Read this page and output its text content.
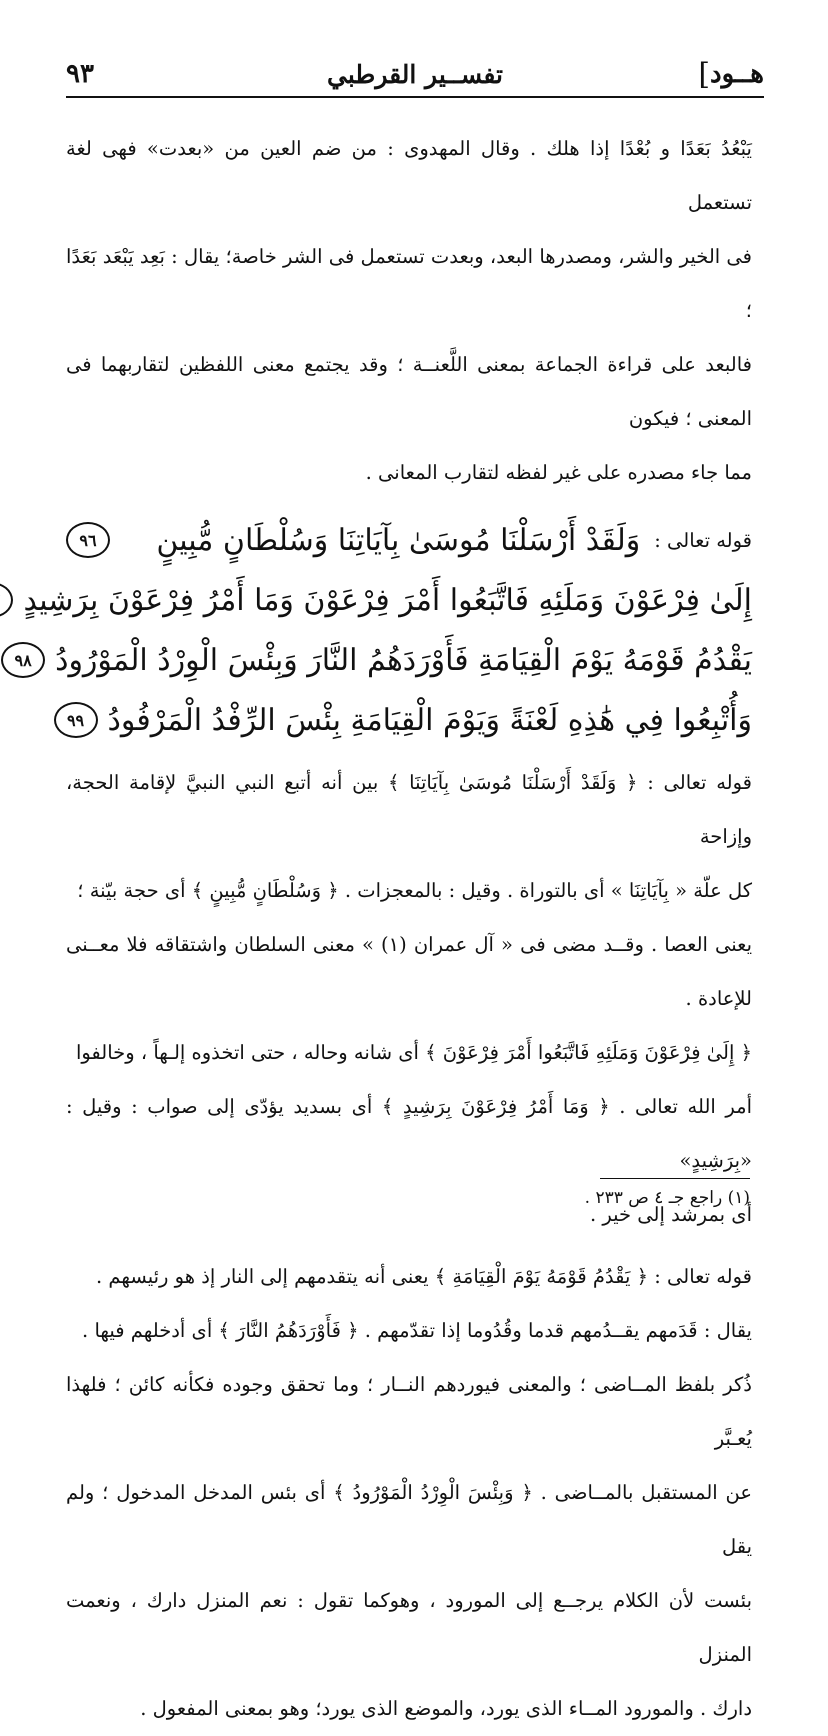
هــود
]
تفســير القرطبي
٩٣

يَبْعُدُ بَعَدًا و بُعْدًا إذا هلك . وقال المهدوى : من ضم العين من «بعدت» فهى لغة تستعمل

فى الخير والشر، ومصدرها البعد، وبعدت تستعمل فى الشر خاصة؛ يقال : بَعِد يَبْعَد بَعَدًا ؛

فالبعد على قراءة الجماعة بمعنى اللَّعنــة ؛ وقد يجتمع معنى اللفظين لتقاربهما فى المعنى ؛ فيكون

مما جاء مصدره على غير لفظه لتقارب المعانى .

قوله تعالى :
وَلَقَدْ أَرْسَلْنَا مُوسَىٰ بِآيَاتِنَا وَسُلْطَانٍ مُّبِينٍ
٩٦
إِلَىٰ فِرْعَوْنَ وَمَلَئِهِ فَاتَّبَعُوا أَمْرَ فِرْعَوْنَ وَمَا أَمْرُ فِرْعَوْنَ بِرَشِيدٍ
يَقْدُمُ قَوْمَهُ يَوْمَ الْقِيَامَةِ فَأَوْرَدَهُمُ النَّارَ وَبِئْسَ الْوِرْدُ الْمَوْرُودُ
٩٨
وَأُتْبِعُوا فِي هَٰذِهِ لَعْنَةً وَيَوْمَ الْقِيَامَةِ بِئْسَ الرِّفْدُ الْمَرْفُودُ
٩٩

قوله تعالى : ﴿ وَلَقَدْ أَرْسَلْنَا مُوسَىٰ بِآيَاتِنَا ﴾ بين أنه أتبع النبي النبيَّ لإقامة الحجة، وإزاحة

كل علّة « بِآيَاتِنَا » أى بالتوراة . وقيل : بالمعجزات . ﴿ وَسُلْطَانٍ مُّبِينٍ ﴾ أى حجة بيّنة ؛

يعنى العصا . وقــد مضى فى « آل عمران (١) » معنى السلطان واشتقاقه فلا معــنى للإعادة .

﴿ إِلَىٰ فِرْعَوْنَ وَمَلَئِهِ فَاتَّبَعُوا أَمْرَ فِرْعَوْنَ ﴾ أى شانه وحاله ، حتى اتخذوه إلـهاً ، وخالفوا

أمر الله تعالى . ﴿ وَمَا أَمْرُ فِرْعَوْنَ بِرَشِيدٍ ﴾ أى بسديد يؤدّى إلى صواب : وقيل : «بِرَشِيدٍ»

أى بمرشد إلى خير .

قوله تعالى : ﴿ يَقْدُمُ قَوْمَهُ يَوْمَ الْقِيَامَةِ ﴾ يعنى أنه يتقدمهم إلى النار إذ هو رئيسهم .

يقال : قَدَمهم يقــدُمهم قدما وقُدُوما إذا تقدّمهم . ﴿ فَأَوْرَدَهُمُ النَّارَ ﴾ أى أدخلهم فيها .

ذُكر بلفظ المــاضى ؛ والمعنى فيوردهم النــار ؛ وما تحقق وجوده فكأنه كائن ؛ فلهذا يُعـبَّر

عن المستقبل بالمــاضى . ﴿ وَبِئْسَ الْوِرْدُ الْمَوْرُودُ ﴾ أى بئس المدخل المدخول ؛ ولم يقل

بئست لأن الكلام يرجــع إلى المورود ، وهوكما تقول : نعم المنزل دارك ، ونعمت المنزل

دارك . والمورود المــاء الذى يورد، والموضع الذى يورد؛ وهو بمعنى المفعول .

(١) راجع جـ ٤ ص ٢٣٣ .
